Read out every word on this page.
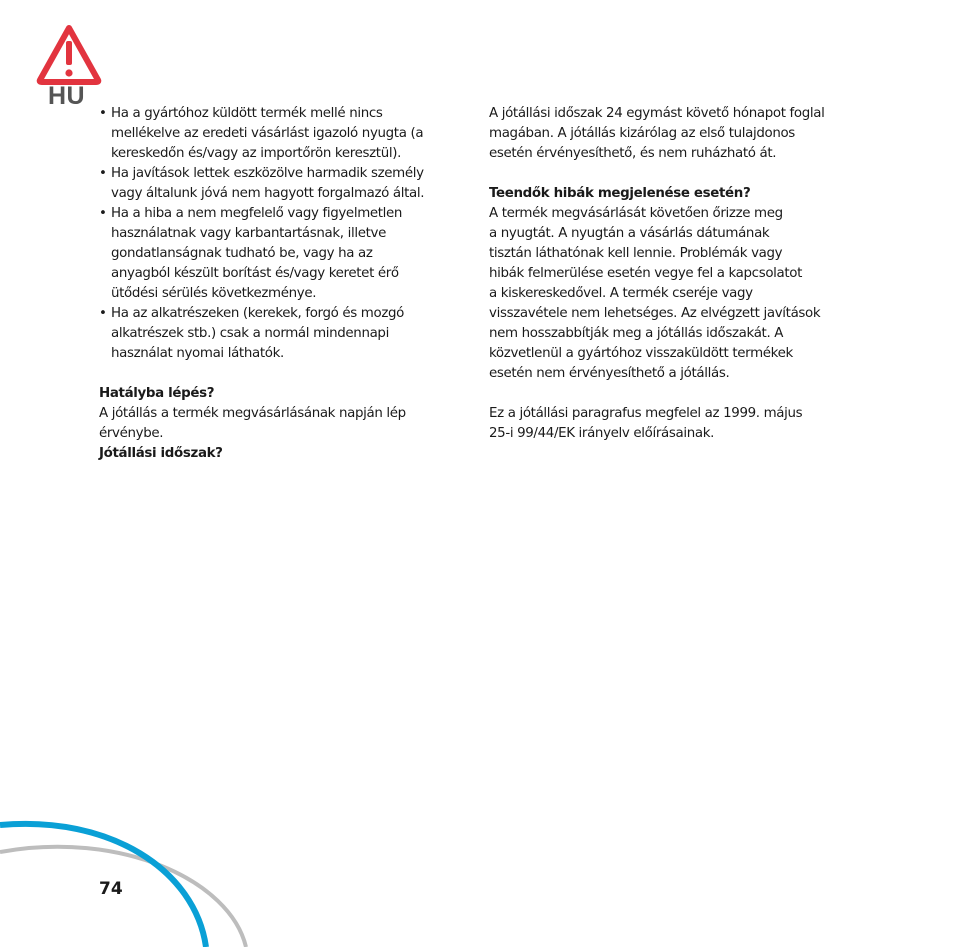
HU
• Ha a gyártóhoz küldött termék mellé nincs
mellékelve az eredeti vásárlást igazoló nyugta (a
kereskedőn és/vagy az importőrön keresztül).
• Ha javítások lettek eszközölve harmadik személy
vagy általunk jóvá nem hagyott forgalmazó által.
• Ha a hiba a nem megfelelő vagy figyelmetlen
használatnak vagy karbantartásnak, illetve
gondatlanságnak tudható be, vagy ha az
anyagból készült borítást és/vagy keretet érő
ütődési sérülés következménye.
• Ha az alkatrészeken (kerekek, forgó és mozgó
alkatrészek stb.) csak a normál mindennapi
használat nyomai láthatók.

Hatályba lépés?

A jótállás a termék megvásárlásának napján lép
érvénybe.

Jótállási időszak?

A jótállási időszak 24 egymást követő hónapot foglal
magában. A jótállás kizárólag az első tulajdonos
esetén érvényesíthető, és nem ruházható át.

Teendők hibák megjelenése esetén?

A termék megvásárlását követően őrizze meg
a nyugtát. A nyugtán a vásárlás dátumának
tisztán láthatónak kell lennie. Problémák vagy
hibák felmerülése esetén vegye fel a kapcsolatot
a kiskereskedővel. A termék cseréje vagy
visszavétele nem lehetséges. Az elvégzett javítások
nem hosszabbítják meg a jótállás időszakát. A
közvetlenül a gyártóhoz visszaküldött termékek
esetén nem érvényesíthető a jótállás.

Ez a jótállási paragrafus megfelel az 1999. május
25-i 99/44/EK irányelv előírásainak.

74
